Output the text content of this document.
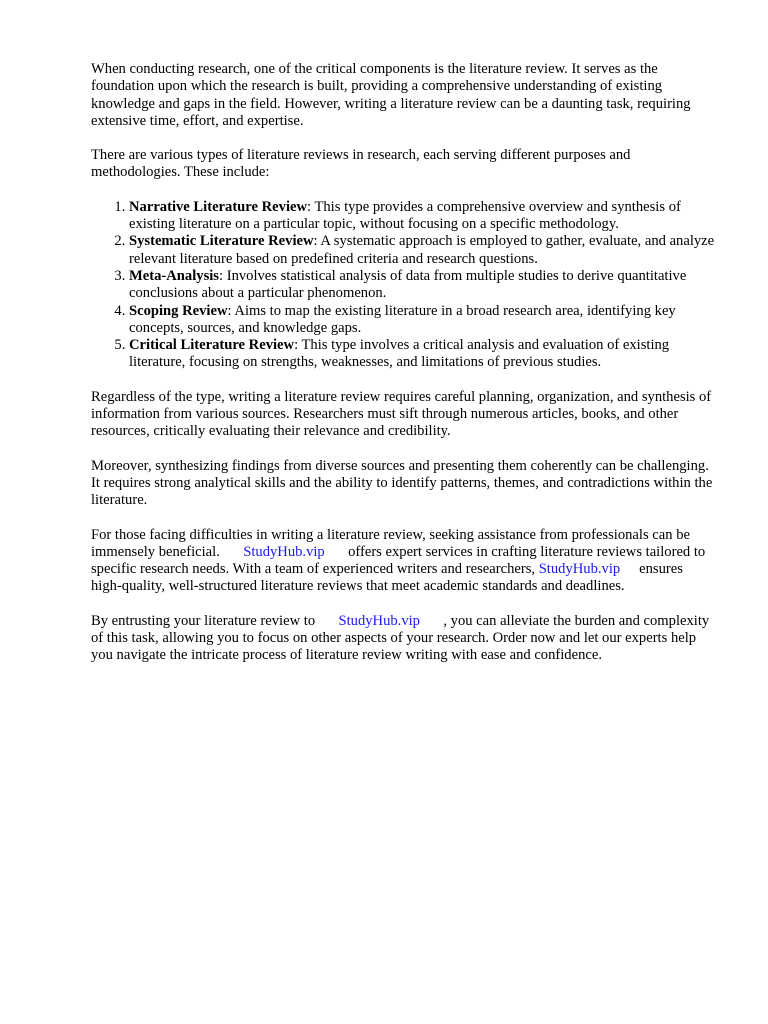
When conducting research, one of the critical components is the literature review. It serves as the foundation upon which the research is built, providing a comprehensive understanding of existing knowledge and gaps in the field. However, writing a literature review can be a daunting task, requiring extensive time, effort, and expertise.

There are various types of literature reviews in research, each serving different purposes and methodologies. These include:

1. Narrative Literature Review: This type provides a comprehensive overview and synthesis of existing literature on a particular topic, without focusing on a specific methodology.
2. Systematic Literature Review: A systematic approach is employed to gather, evaluate, and analyze relevant literature based on predefined criteria and research questions.
3. Meta-Analysis: Involves statistical analysis of data from multiple studies to derive quantitative conclusions about a particular phenomenon.
4. Scoping Review: Aims to map the existing literature in a broad research area, identifying key concepts, sources, and knowledge gaps.
5. Critical Literature Review: This type involves a critical analysis and evaluation of existing literature, focusing on strengths, weaknesses, and limitations of previous studies.

Regardless of the type, writing a literature review requires careful planning, organization, and synthesis of information from various sources. Researchers must sift through numerous articles, books, and other resources, critically evaluating their relevance and credibility.

Moreover, synthesizing findings from diverse sources and presenting them coherently can be challenging. It requires strong analytical skills and the ability to identify patterns, themes, and contradictions within the literature.

For those facing difficulties in writing a literature review, seeking assistance from professionals can be immensely beneficial. StudyHub.vip offers expert services in crafting literature reviews tailored to specific research needs. With a team of experienced writers and researchers, StudyHub.vip ensures high-quality, well-structured literature reviews that meet academic standards and deadlines.

By entrusting your literature review to StudyHub.vip , you can alleviate the burden and complexity of this task, allowing you to focus on other aspects of your research. Order now and let our experts help you navigate the intricate process of literature review writing with ease and confidence.
